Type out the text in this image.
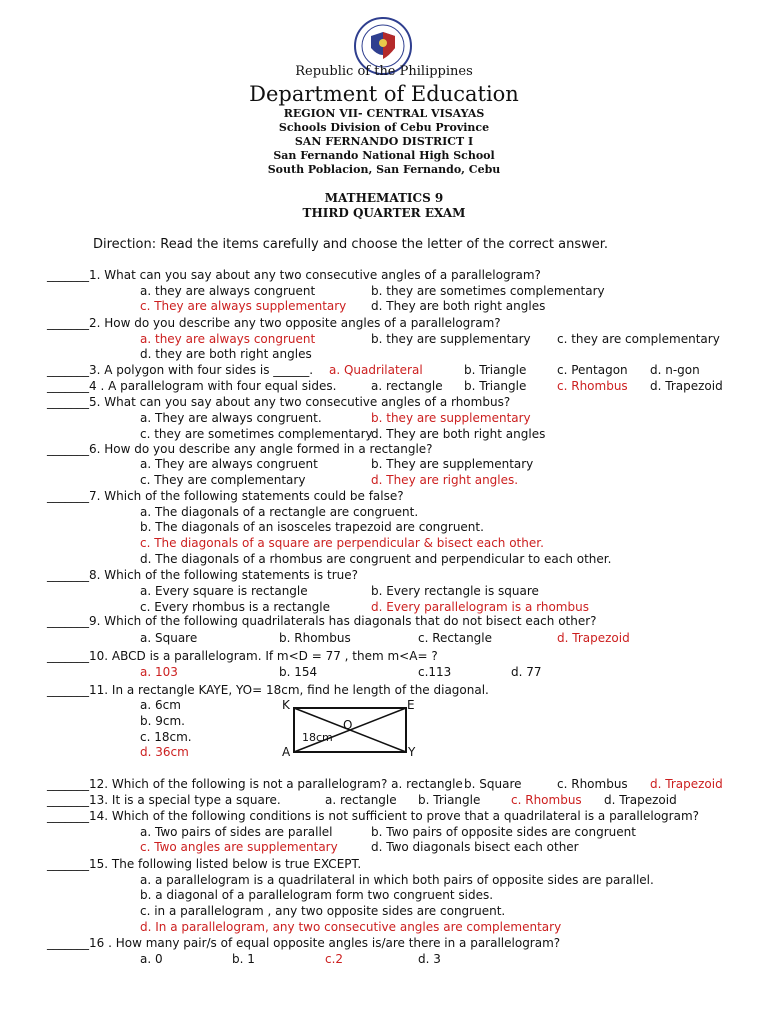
Republic of the Philippines
Department of Education
REGION VII- CENTRAL VISAYAS
Schools Division of Cebu Province
SAN FERNANDO DISTRICT I
San Fernando National High School
South Poblacion, San Fernando, Cebu
MATHEMATICS 9
THIRD QUARTER EXAM
Direction: Read the items carefully and choose the letter of the correct answer.
_______1. What can you say about any two consecutive angles of a parallelogram?
a. they are always congruent	b. they are sometimes complementary
c. They are always supplementary d. They are both right angles
_______2. How do you describe any two opposite angles of a parallelogram?
a. they are always congruent	b. they are supplementary c. they are complementary
d. they are both right angles
_______3. A polygon with four sides is ______. a. Quadrilateral	b. Triangle	c. Pentagon d. n-gon
_______4 . A parallelogram with four equal sides.	a. rectangle b. Triangle	c. Rhombus d. Trapezoid
_______5. What can you say about any two consecutive angles of a rhombus?
a. They are always congruent.	b. they are supplementary
c. they are sometimes complementary
d. They are both right angles
_______6. How do you describe any angle formed in a rectangle?
a. They are always congruent	b. They are supplementary
c. They are complementary	d. They are right angles.
_______7. Which of the following statements could be false?
a. The diagonals of a rectangle are congruent.
b. The diagonals of an isosceles trapezoid are congruent.
c. The diagonals of a square are perpendicular & bisect each other.
d. The diagonals of a rhombus are congruent and perpendicular to each other.
_______8. Which of the following statements is true?
a. Every square is rectangle	b. Every rectangle is square
c. Every rhombus is a rectangle	d. Every parallelogram is a rhombus
_______9. Which of the following quadrilaterals has diagonals that do not bisect each other?
a. Square	b. Rhombus	c. Rectangle	d. Trapezoid
_______10. ABCD is a parallelogram. If m<D = 77 , them m<A= ?
a. 103	b. 154	c.113	d. 77
_______11. In a rectangle KAYE, YO= 18cm, find he length of the diagonal.
a. 6cm
b. 9cm.
c. 18cm.
d. 36cm
K	E
A	Y
O
18cm
_______12. Which of the following is not a parallelogram? a. rectangle b. Square	c. Rhombus d. Trapezoid
_______13. It is a special type a square.	a. rectangle b. Triangle	c. Rhombus d. Trapezoid
_______14. Which of the following conditions is not sufficient to prove that a quadrilateral is a parallelogram?
a. Two pairs of sides are parallel	b. Two pairs of opposite sides are congruent
c. Two angles are supplementary	d. Two diagonals bisect each other
_______15. The following listed below is true EXCEPT.
a. a parallelogram is a quadrilateral in which both pairs of opposite sides are parallel.
b. a diagonal of a parallelogram form two congruent sides.
c. in a parallelogram , any two opposite sides are congruent.
d. In a parallelogram, any two consecutive angles are complementary
_______16 . How many pair/s of equal opposite angles is/are there in a parallelogram?
a. 0	b. 1	c.2	d. 3
